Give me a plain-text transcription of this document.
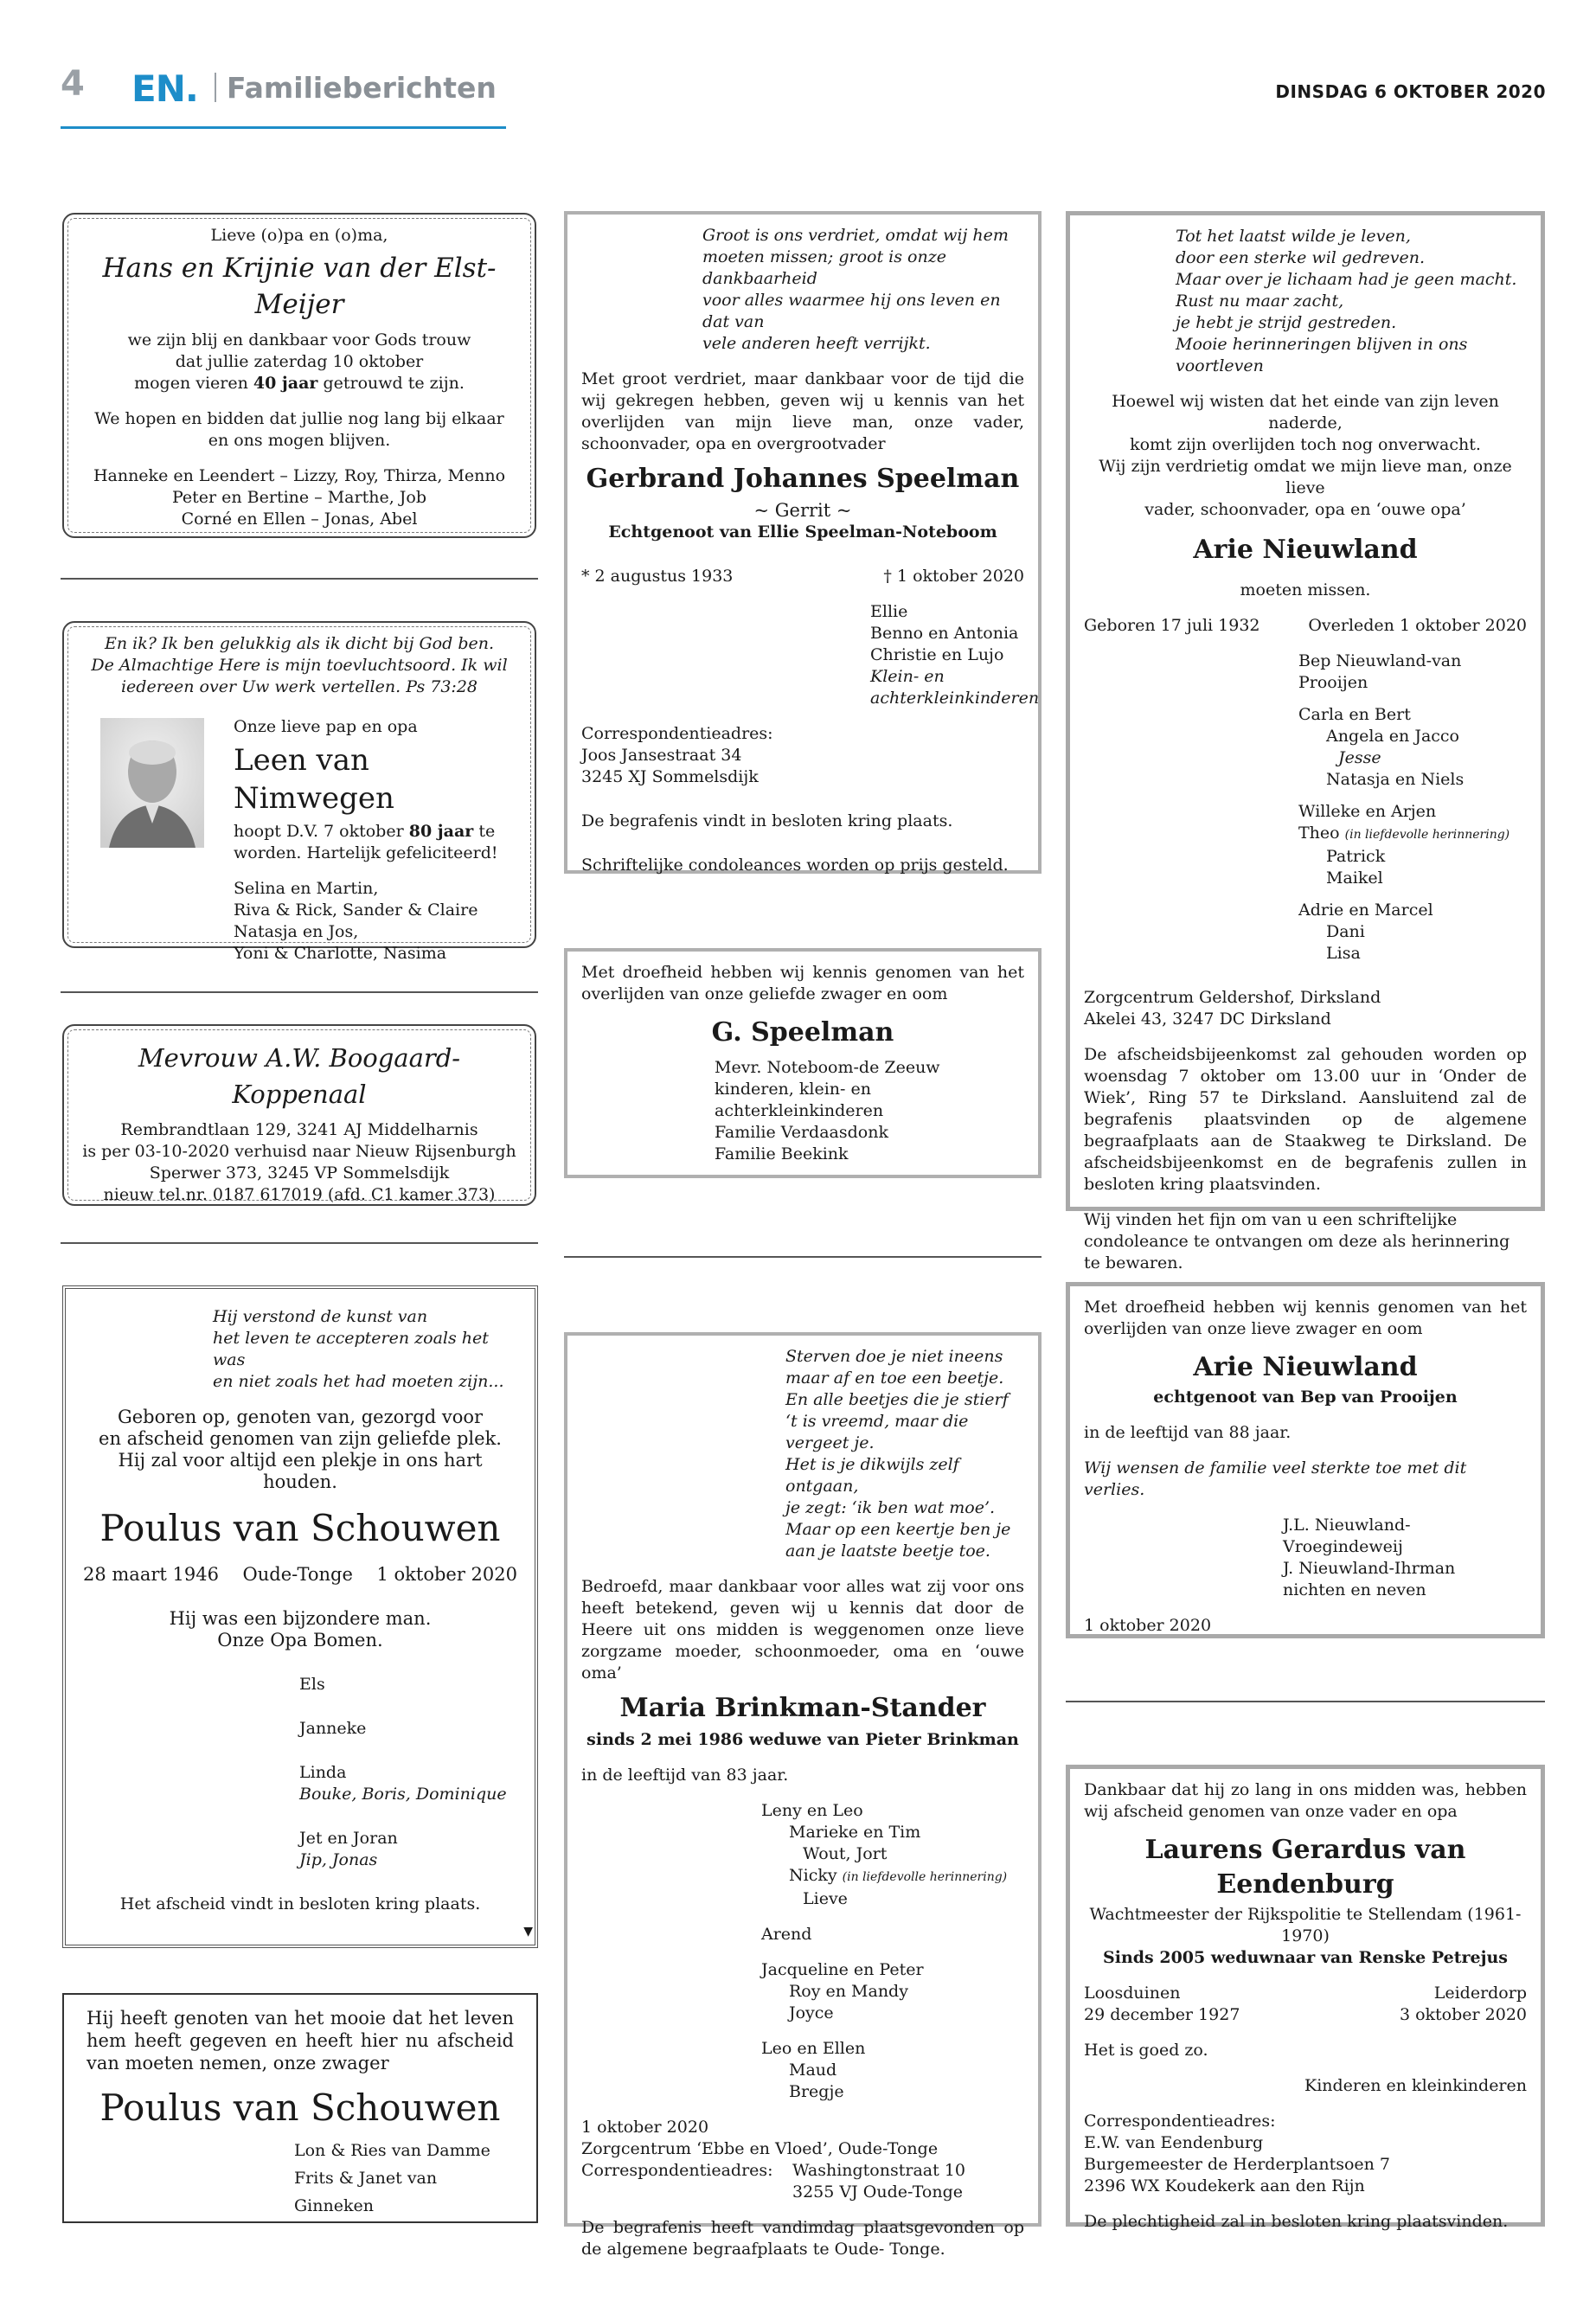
4 EN. Familieberichten	DINSDAG 6 OKTOBER 2020
Lieve (o)pa en (o)ma,
Hans en Krijnie van der Elst-Meijer
we zijn blij en dankbaar voor Gods trouw
dat jullie zaterdag 10 oktober
mogen vieren 40 jaar getrouwd te zijn.
We hopen en bidden dat jullie nog lang bij elkaar
en ons mogen blijven.
Hanneke en Leendert – Lizzy, Roy, Thirza, Menno
Peter en Bertine – Marthe, Job
Corné en Ellen – Jonas, Abel
En ik? Ik ben gelukkig als ik dicht bij God ben.
De Almachtige Here is mijn toevluchtsoord. Ik wil
iedereen over Uw werk vertellen. Ps 73:28
Onze lieve pap en opa
Leen van Nimwegen
hoopt D.V. 7 oktober 80 jaar te
worden. Hartelijk gefeliciteerd!
Selina en Martin,
Riva & Rick, Sander & Claire
Natasja en Jos,
Yoni & Charlotte, Nasima
Mevrouw A.W. Boogaard-Koppenaal
Rembrandtlaan 129, 3241 AJ Middelharnis
is per 03-10-2020 verhuisd naar Nieuw Rijsenburgh
Sperwer 373, 3245 VP Sommelsdijk
nieuw tel.nr. 0187 617019 (afd. C1 kamer 373)
Hij verstond de kunst van
het leven te accepteren zoals het was
en niet zoals het had moeten zijn...
Geboren op, genoten van, gezorgd voor
en afscheid genomen van zijn geliefde plek.
Hij zal voor altijd een plekje in ons hart houden.
Poulus van Schouwen
28 maart 1946 Oude-Tonge 1 oktober 2020
Hij was een bijzondere man.
Onze Opa Bomen.
Els
Janneke
Linda
Bouke, Boris, Dominique
Jet en Joran
Jip, Jonas
Het afscheid vindt in besloten kring plaats.
▼
Hij heeft genoten van het mooie dat het leven hem heeft gegeven en heeft hier nu afscheid van moeten nemen, onze zwager
Poulus van Schouwen
Lon & Ries van Damme
Frits & Janet van Ginneken
Groot is ons verdriet, omdat wij hem
moeten missen; groot is onze dankbaarheid
voor alles waarmee hij ons leven en dat van
vele anderen heeft verrijkt.
Met groot verdriet, maar dankbaar voor de tijd die wij gekregen hebben, geven wij u kennis van het overlijden van mijn lieve man, onze vader, schoonvader, opa en overgrootvader
Gerbrand Johannes Speelman
~ Gerrit ~
Echtgenoot van Ellie Speelman-Noteboom
* 2 augustus 1933	† 1 oktober 2020
Ellie
Benno en Antonia
Christie en Lujo
Klein- en
achterkleinkinderen
Correspondentieadres:
Joos Jansestraat 34
3245 XJ Sommelsdijk
De begrafenis vindt in besloten kring plaats.
Schriftelijke condoleances worden op prijs gesteld.
Met droefheid hebben wij kennis genomen van het overlijden van onze geliefde zwager en oom
G. Speelman
Mevr. Noteboom-de Zeeuw
kinderen, klein- en achterkleinkinderen
Familie Verdaasdonk
Familie Beekink
Sterven doe je niet ineens
maar af en toe een beetje.
En alle beetjes die je stierf
‘t is vreemd, maar die vergeet je.
Het is je dikwijls zelf ontgaan,
je zegt: ‘ik ben wat moe’.
Maar op een keertje ben je
aan je laatste beetje toe.
Bedroefd, maar dankbaar voor alles wat zij voor ons heeft betekend, geven wij u kennis dat door de Heere uit ons midden is weggenomen onze lieve zorgzame moeder, schoonmoeder, oma en ‘ouwe oma’
Maria Brinkman-Stander
sinds 2 mei 1986 weduwe van Pieter Brinkman
in de leeftijd van 83 jaar.
Leny en Leo
Marieke en Tim
Wout, Jort
Nicky (in liefdevolle herinnering)
Lieve
Arend
Jacqueline en Peter
Roy en Mandy
Joyce
Leo en Ellen
Maud
Bregje
1 oktober 2020
Zorgcentrum ‘Ebbe en Vloed’, Oude-Tonge
Correspondentieadres:	Washingtonstraat 10
3255 VJ Oude-Tonge
De begrafenis heeft vandimdag plaatsgevonden op de algemene begraafplaats te Oude- Tonge.
Tot het laatst wilde je leven,
door een sterke wil gedreven.
Maar over je lichaam had je geen macht.
Rust nu maar zacht,
je hebt je strijd gestreden.
Mooie herinneringen blijven in ons voortleven
Hoewel wij wisten dat het einde van zijn leven naderde,
komt zijn overlijden toch nog onverwacht.
Wij zijn verdrietig omdat we mijn lieve man, onze lieve
vader, schoonvader, opa en ‘ouwe opa’
Arie Nieuwland
moeten missen.
Geboren 17 juli 1932	Overleden 1 oktober 2020
Bep Nieuwland-van Prooijen
Carla en Bert
Angela en Jacco
Jesse
Natasja en Niels
Willeke en Arjen
Theo (in liefdevolle herinnering)
Patrick
Maikel
Adrie en Marcel
Dani
Lisa
Zorgcentrum Geldershof, Dirksland
Akelei 43, 3247 DC Dirksland
De afscheidsbijeenkomst zal gehouden worden op woensdag 7 oktober om 13.00 uur in ‘Onder de Wiek’, Ring 57 te Dirksland. Aansluitend zal de begrafenis plaatsvinden op de algemene begraafplaats aan de Staakweg te Dirksland. De afscheidsbijeenkomst en de begrafenis zullen in besloten kring plaatsvinden.
Wij vinden het fijn om van u een schriftelijke condoleance te ontvangen om deze als herinnering te bewaren.
Met droefheid hebben wij kennis genomen van het overlijden van onze lieve zwager en oom
Arie Nieuwland
echtgenoot van Bep van Prooijen
in de leeftijd van 88 jaar.
Wij wensen de familie veel sterkte toe met dit verlies.
J.L. Nieuwland-Vroegindeweij
J. Nieuwland-Ihrman
nichten en neven
1 oktober 2020
Dankbaar dat hij zo lang in ons midden was, hebben wij afscheid genomen van onze vader en opa
Laurens Gerardus van Eendenburg
Wachtmeester der Rijkspolitie te Stellendam (1961-1970)
Sinds 2005 weduwnaar van Renske Petrejus
Loosduinen	Leiderdorp
29 december 1927	3 oktober 2020
Het is goed zo.
Kinderen en kleinkinderen
Correspondentieadres:
E.W. van Eendenburg
Burgemeester de Herderplantsoen 7
2396 WX Koudekerk aan den Rijn
De plechtigheid zal in besloten kring plaatsvinden.
